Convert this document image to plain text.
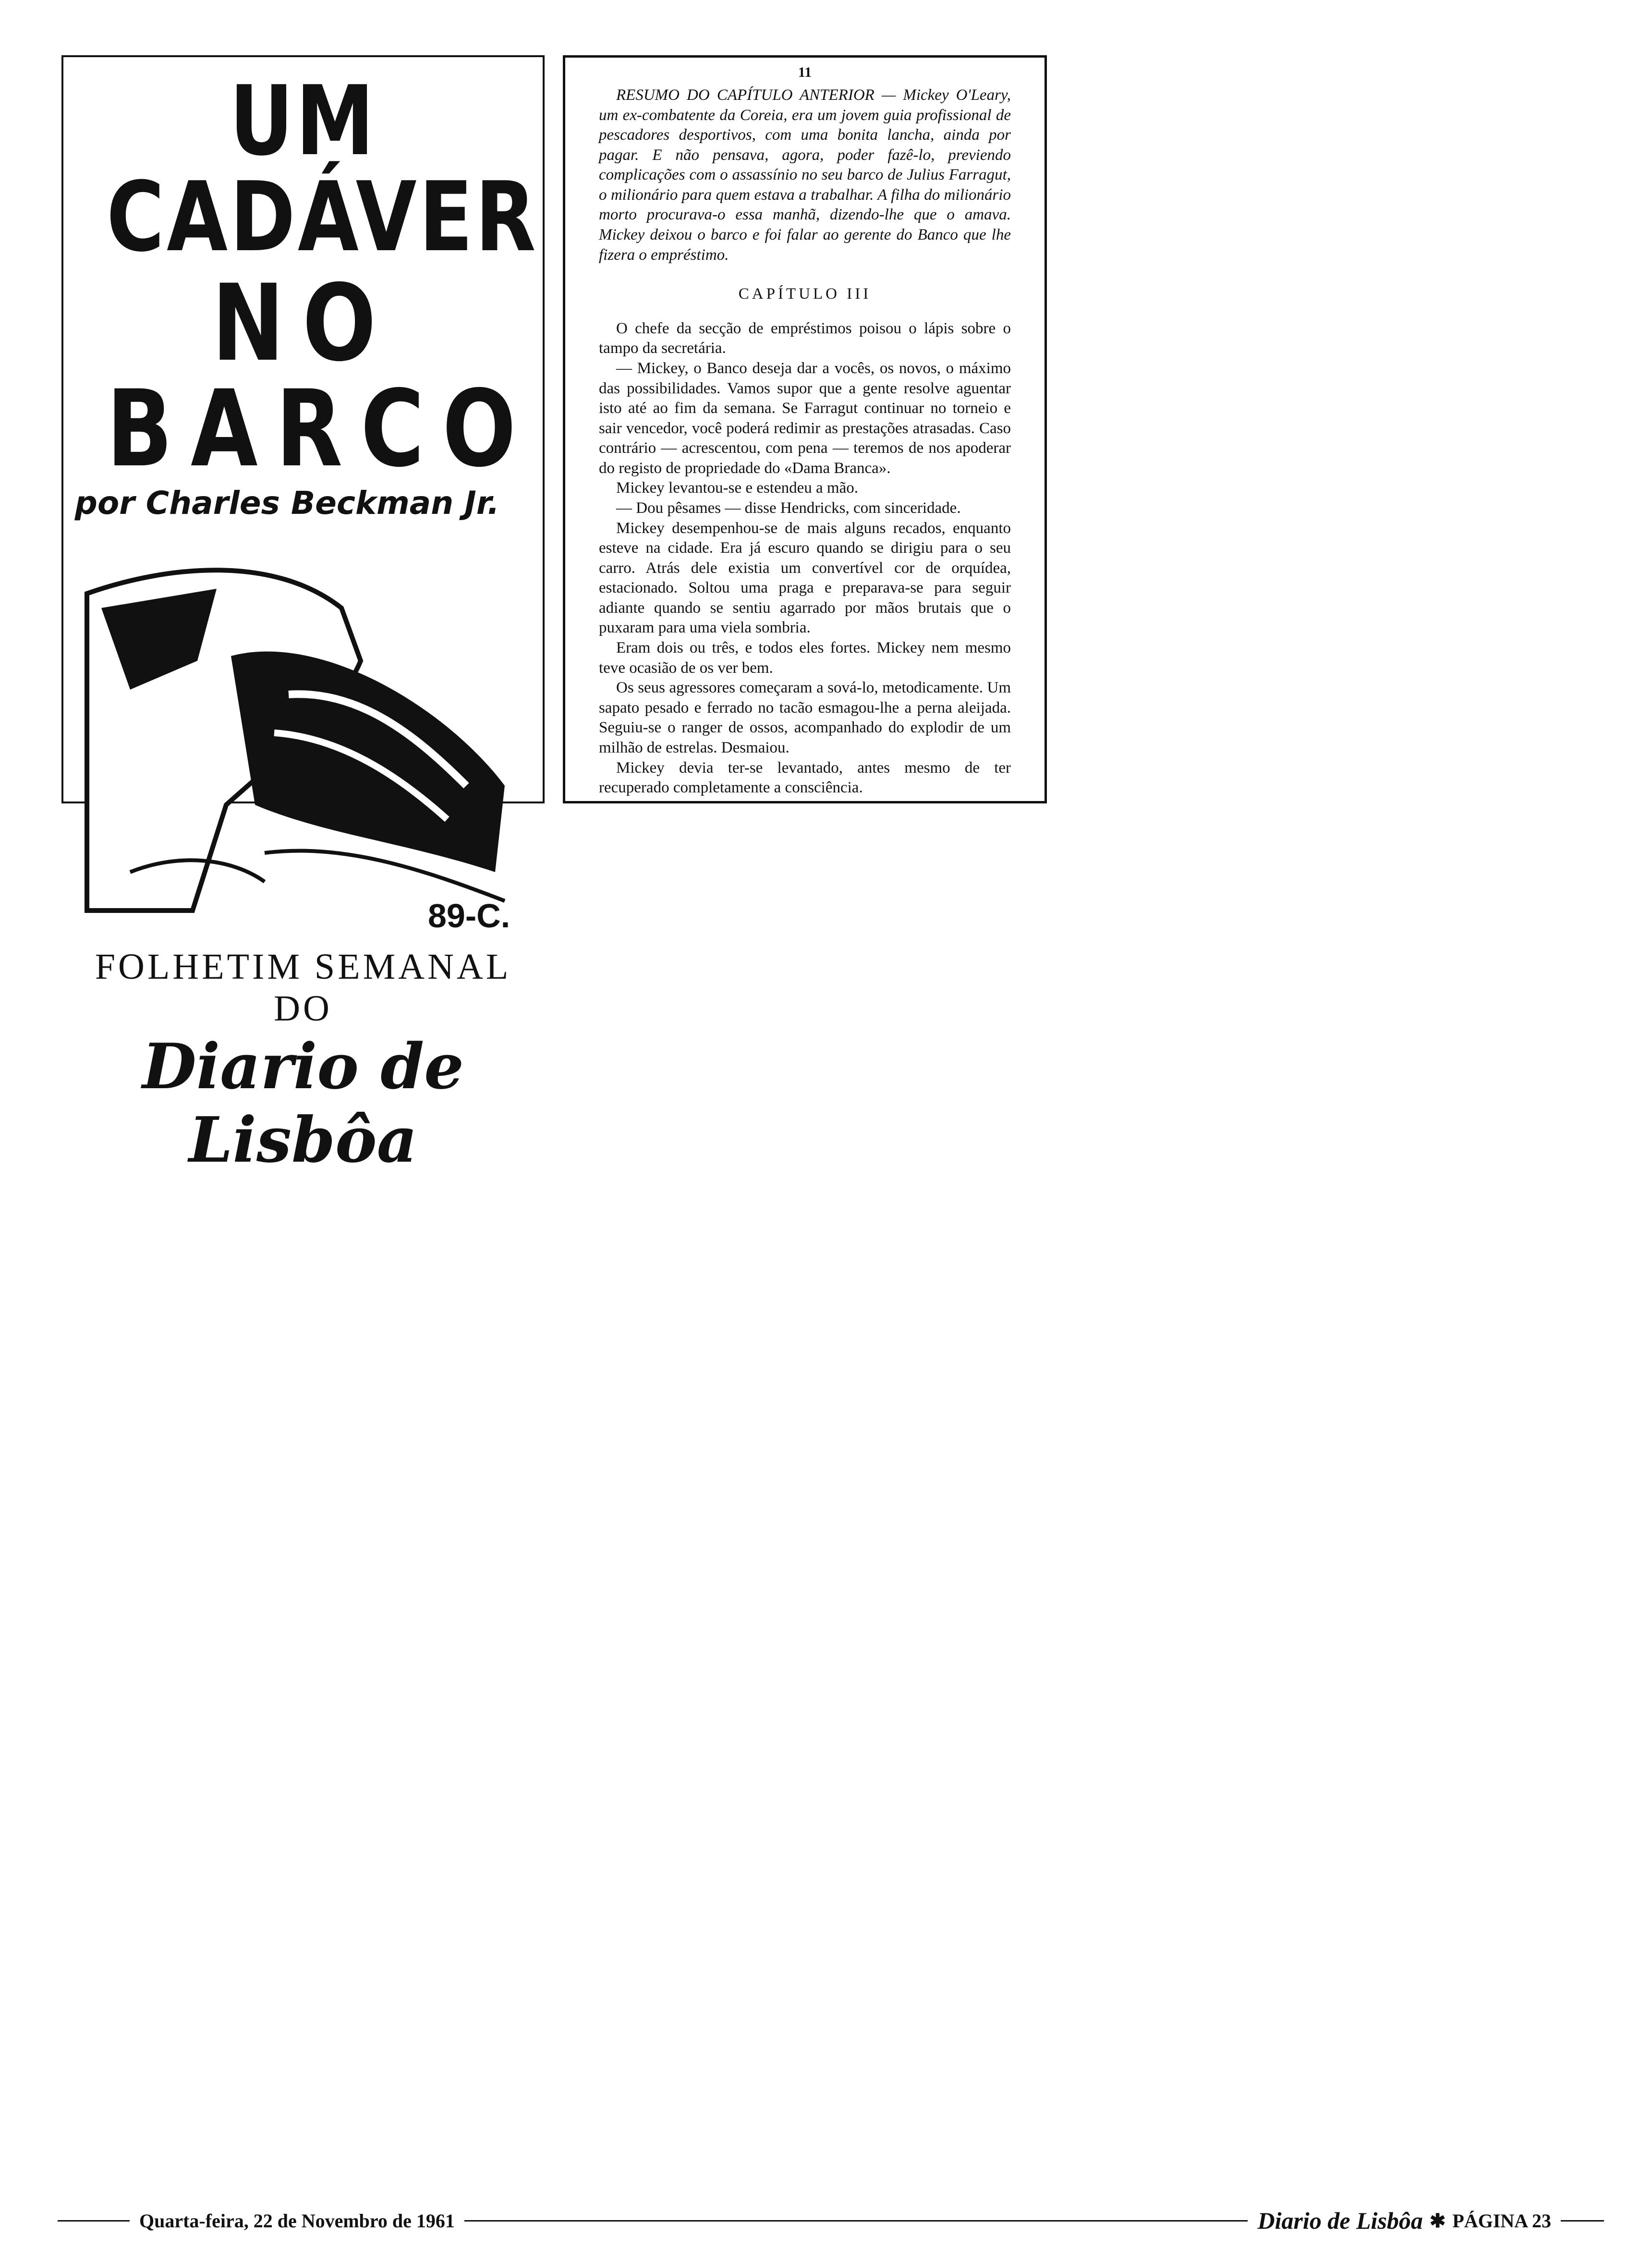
UM CADÁVER
NO BARCO
por Charles Beckman Jr.
89-C.
FOLHETIM SEMANAL DO
Diario de Lisbôa
11

RESUMO DO CAPÍTULO ANTERIOR — Mickey O'Leary, um ex-combatente da Coreia, era um jovem guia profissional de pescadores desportivos, com uma bonita lancha, ainda por pagar. E não pensava, agora, poder fazê-lo, previendo complicações com o assassínio no seu barco de Julius Farragut, o milionário para quem estava a trabalhar. A filha do milionário morto procurava-o essa manhã, dizendo-lhe que o amava. Mickey deixou o barco e foi falar ao gerente do Banco que lhe fizera o empréstimo.

CAPÍTULO III

O chefe da secção de empréstimos poisou o lápis sobre o tampo da secretária.

— Mickey, o Banco deseja dar a vocês, os novos, o máximo das possibilidades. Vamos supor que a gente resolve aguentar isto até ao fim da semana. Se Farragut continuar no torneio e sair vencedor, você poderá redimir as prestações atrasadas. Caso contrário — acrescentou, com pena — teremos de nos apoderar do registo de propriedade do «Dama Branca».

Mickey levantou-se e estendeu a mão.

— Dou pêsames — disse Hendricks, com sinceridade.

Mickey desempenhou-se de mais alguns recados, enquanto esteve na cidade. Era já escuro quando se dirigiu para o seu carro. Atrás dele existia um convertível cor de orquídea, estacionado. Soltou uma praga e preparava-se para seguir adiante quando se sentiu agarrado por mãos brutais que o puxaram para uma viela sombria.

Eram dois ou três, e todos eles fortes. Mickey nem mesmo teve ocasião de os ver bem.

Os seus agressores começaram a sová-lo, metodicamente. Um sapato pesado e ferrado no tacão esmagou-lhe a perna aleijada. Seguiu-se o ranger de ossos, acompanhado do explodir de um milhão de estrelas. Desmaiou.

Mickey devia ter-se levantado, antes mesmo de ter recuperado completamente a consciência.

Quarta-feira, 22 de Novembro de 1961	Diario de Lisbôa ✱ PÁGINA 23
